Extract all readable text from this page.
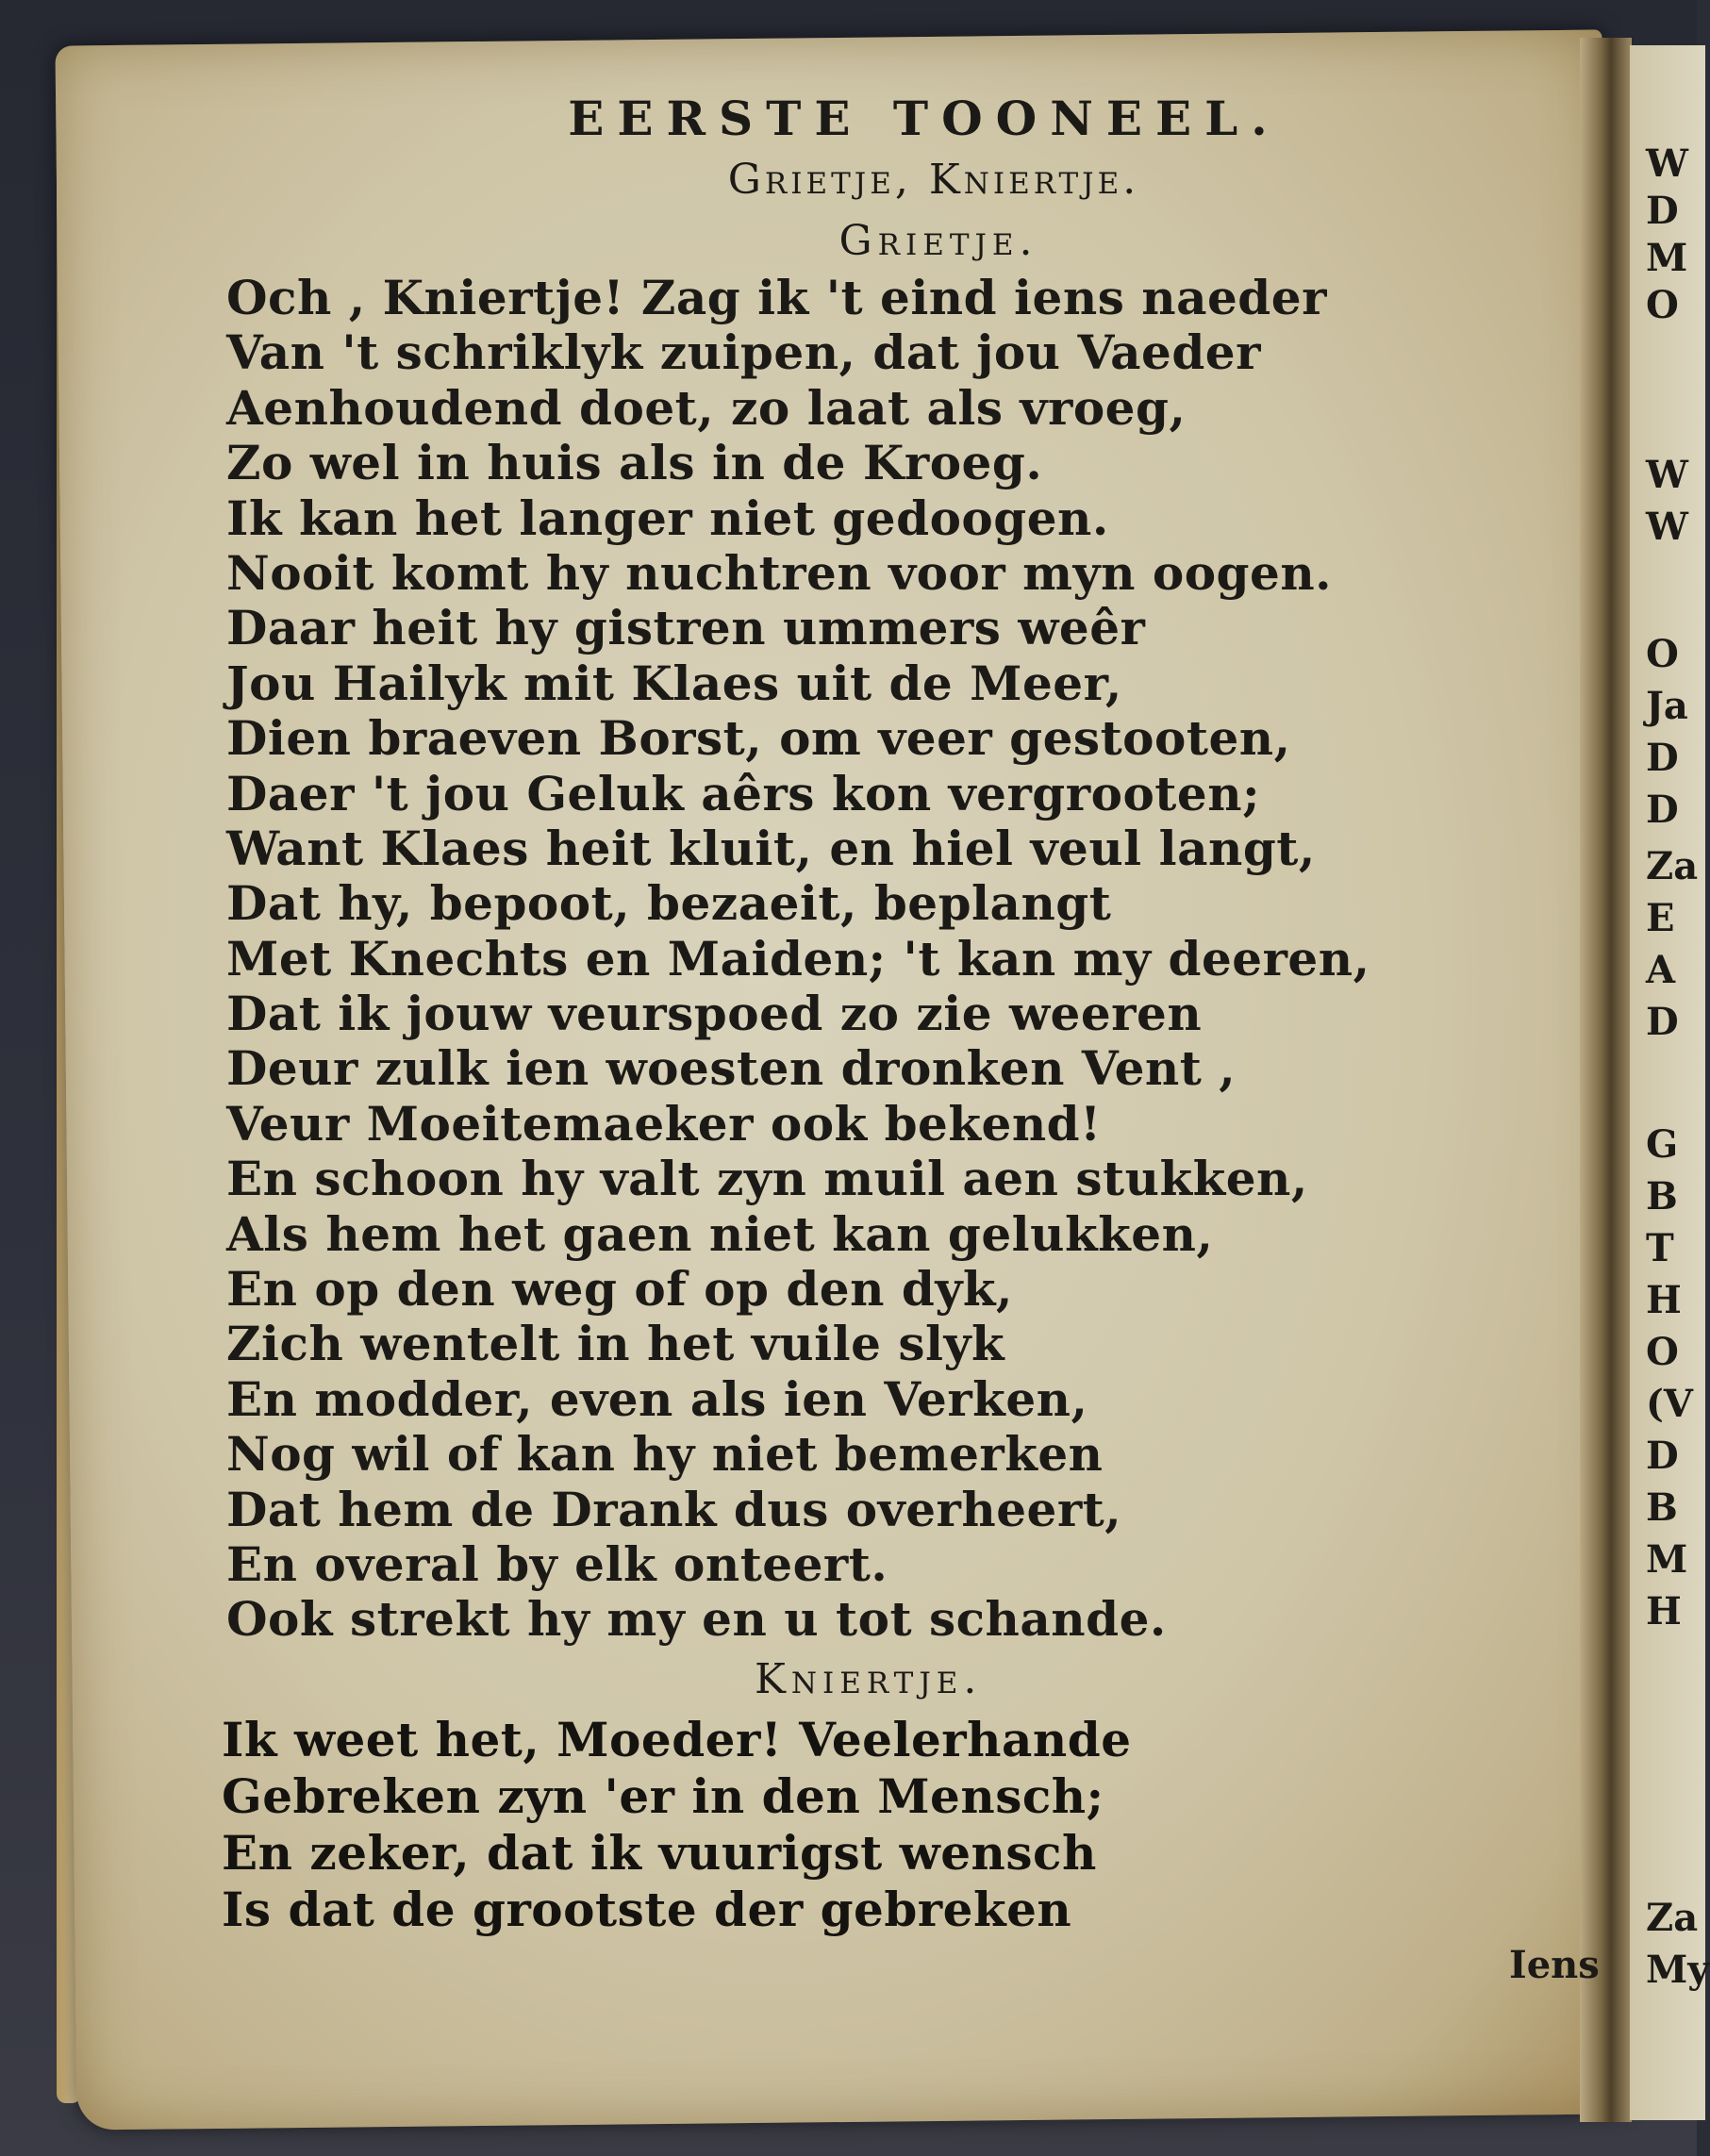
EERSTE TOONEEL.
Grietje, Kniertje.
Grietje.
Och , Kniertje! Zag ik 't eind iens naeder
Van 't schriklyk zuipen, dat jou Vaeder
Aenhoudend doet, zo laat als vroeg,
Zo wel in huis als in de Kroeg.
Ik kan het langer niet gedoogen.
Nooit komt hy nuchtren voor myn oogen.
Daar heit hy gistren ummers weêr
Jou Hailyk mit Klaes uit de Meer,
Dien braeven Borst, om veer gestooten,
Daer 't jou Geluk aêrs kon vergrooten;
Want Klaes heit kluit, en hiel veul langt,
Dat hy, bepoot, bezaeit, beplangt
Met Knechts en Maiden; 't kan my deeren,
Dat ik jouw veurspoed zo zie weeren
Deur zulk ien woesten dronken Vent ,
Veur Moeitemaeker ook bekend!
En schoon hy valt zyn muil aen stukken,
Als hem het gaen niet kan gelukken,
En op den weg of op den dyk,
Zich wentelt in het vuile slyk
En modder, even als ien Verken,
Nog wil of kan hy niet bemerken
Dat hem de Drank dus overheert,
En overal by elk onteert.
Ook strekt hy my en u tot schande.
Kniertje.
Ik weet het, Moeder! Veelerhande
Gebreken zyn 'er in den Mensch;
En zeker, dat ik vuurigst wensch
Is dat de grootste der gebreken
Iens
W
D
M
O
W
W
O
Ja
D
D
Za
E
A
D
G
B
T
H
O
(V
D
B
M
H
Za
My
